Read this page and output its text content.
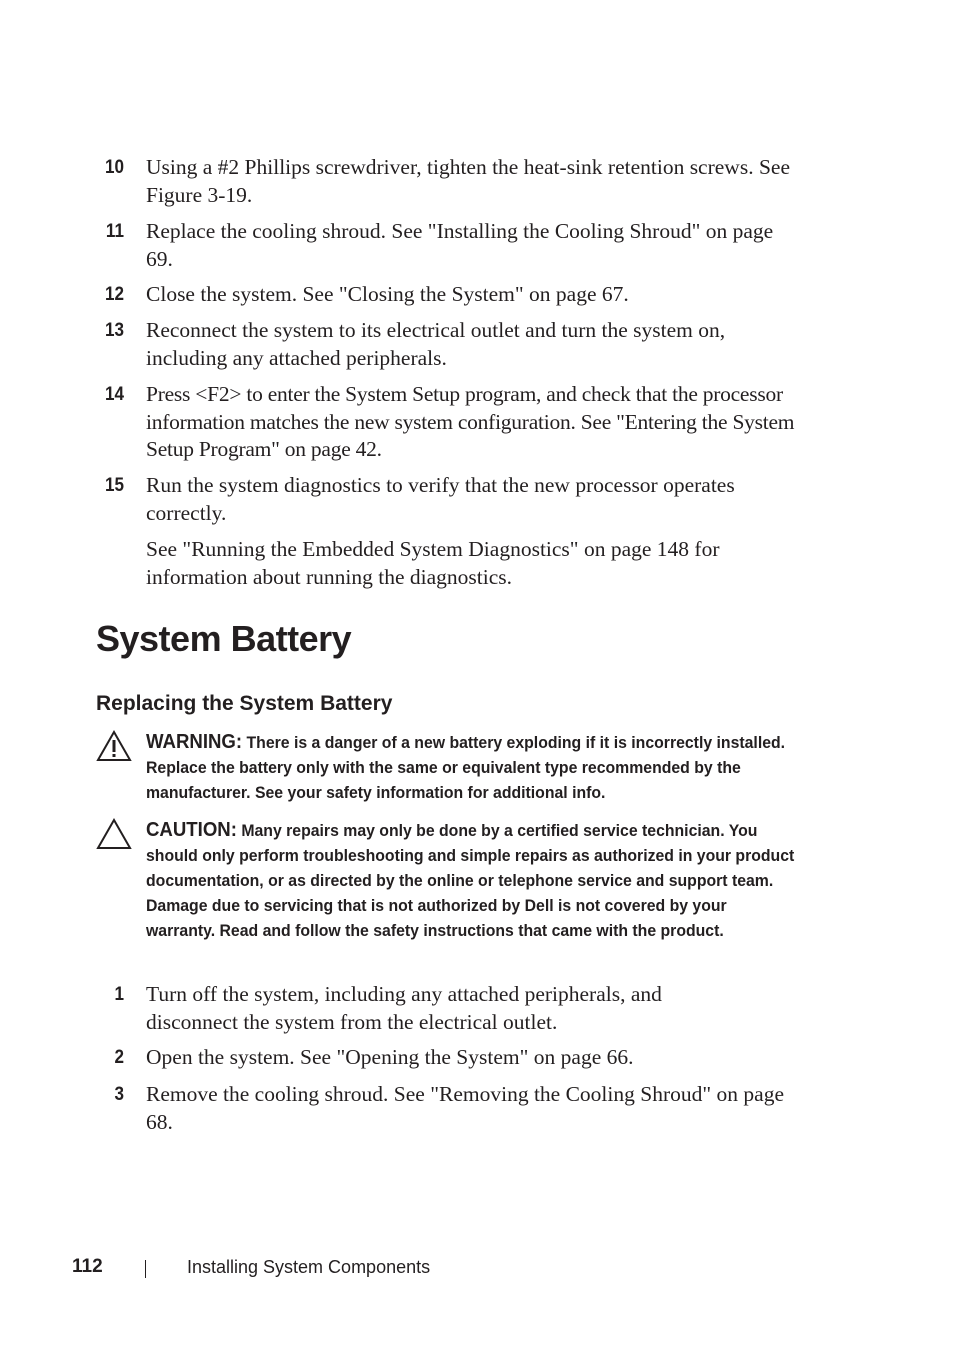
10 Using a #2 Phillips screwdriver, tighten the heat-sink retention screws. See Figure 3-19.
11 Replace the cooling shroud. See "Installing the Cooling Shroud" on page 69.
12 Close the system. See "Closing the System" on page 67.
13 Reconnect the system to its electrical outlet and turn the system on, including any attached peripherals.
14 Press <F2> to enter the System Setup program, and check that the processor information matches the new system configuration. See "Entering the System Setup Program" on page 42.
15 Run the system diagnostics to verify that the new processor operates correctly.
See "Running the Embedded System Diagnostics" on page 148 for information about running the diagnostics.
System Battery
Replacing the System Battery
WARNING: There is a danger of a new battery exploding if it is incorrectly installed. Replace the battery only with the same or equivalent type recommended by the manufacturer. See your safety information for additional info.
CAUTION: Many repairs may only be done by a certified service technician. You should only perform troubleshooting and simple repairs as authorized in your product documentation, or as directed by the online or telephone service and support team. Damage due to servicing that is not authorized by Dell is not covered by your warranty. Read and follow the safety instructions that came with the product.
1 Turn off the system, including any attached peripherals, and disconnect the system from the electrical outlet.
2 Open the system. See "Opening the System" on page 66.
3 Remove the cooling shroud. See "Removing the Cooling Shroud" on page 68.
112	Installing System Components
